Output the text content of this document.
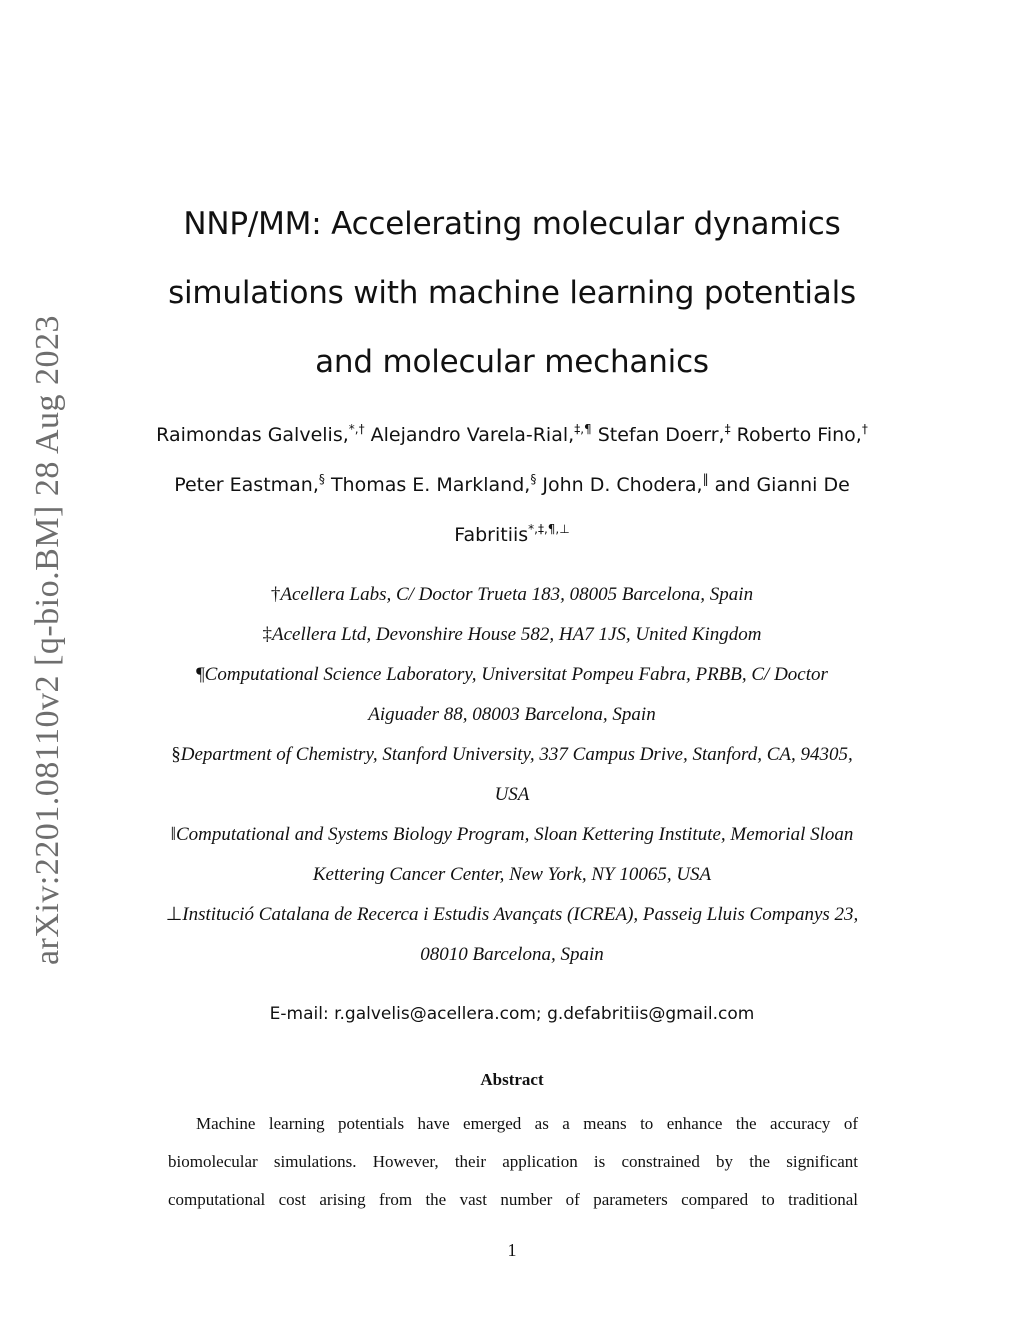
arXiv:2201.08110v2 [q-bio.BM] 28 Aug 2023
NNP/MM: Accelerating molecular dynamics
simulations with machine learning potentials
and molecular mechanics
Raimondas Galvelis,*,† Alejandro Varela-Rial,‡,¶ Stefan Doerr,‡ Roberto Fino,†
Peter Eastman,§ Thomas E. Markland,§ John D. Chodera,‖ and Gianni De
Fabritiis*,‡,¶,⊥
†Acellera Labs, C/ Doctor Trueta 183, 08005 Barcelona, Spain
‡Acellera Ltd, Devonshire House 582, HA7 1JS, United Kingdom
¶Computational Science Laboratory, Universitat Pompeu Fabra, PRBB, C/ Doctor
Aiguader 88, 08003 Barcelona, Spain
§Department of Chemistry, Stanford University, 337 Campus Drive, Stanford, CA, 94305,
USA
‖Computational and Systems Biology Program, Sloan Kettering Institute, Memorial Sloan
Kettering Cancer Center, New York, NY 10065, USA
⊥Institució Catalana de Recerca i Estudis Avançats (ICREA), Passeig Lluis Companys 23,
08010 Barcelona, Spain
E-mail: r.galvelis@acellera.com; g.defabritiis@gmail.com
Abstract
Machine learning potentials have emerged as a means to enhance the accuracy of
biomolecular simulations. However, their application is constrained by the significant
computational cost arising from the vast number of parameters compared to traditional
1
